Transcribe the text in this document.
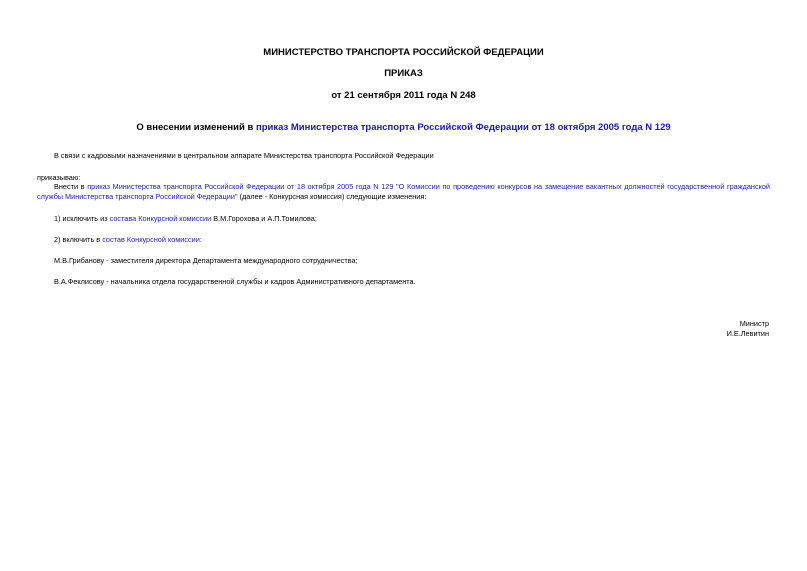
МИНИСТЕРСТВО ТРАНСПОРТА РОССИЙСКОЙ ФЕДЕРАЦИИ
ПРИКАЗ
от 21 сентября 2011 года N 248
О внесении изменений в приказ Министерства транспорта Российской Федерации от 18 октября 2005 года N 129
В связи с кадровыми назначениями в центральном аппарате Министерства транспорта Российской Федерации
приказываю:
Внести в приказ Министерства транспорта Российской Федерации от 18 октября 2005 года N 129 "О Комиссии по проведению конкурсов на замещение вакантных должностей государственной гражданской службы Министерства транспорта Российской Федерации" (далее - Конкурсная комиссия) следующие изменения:
1) исключить из состава Конкурсной комиссии В.М.Горохова и А.П.Томилова;
2) включить в состав Конкурсной комиссии:
М.В.Грибанову - заместителя директора Департамента международного сотрудничества;
В.А.Феклисову - начальника отдела государственной службы и кадров Административного департамента.
Министр
И.Е.Левитин
